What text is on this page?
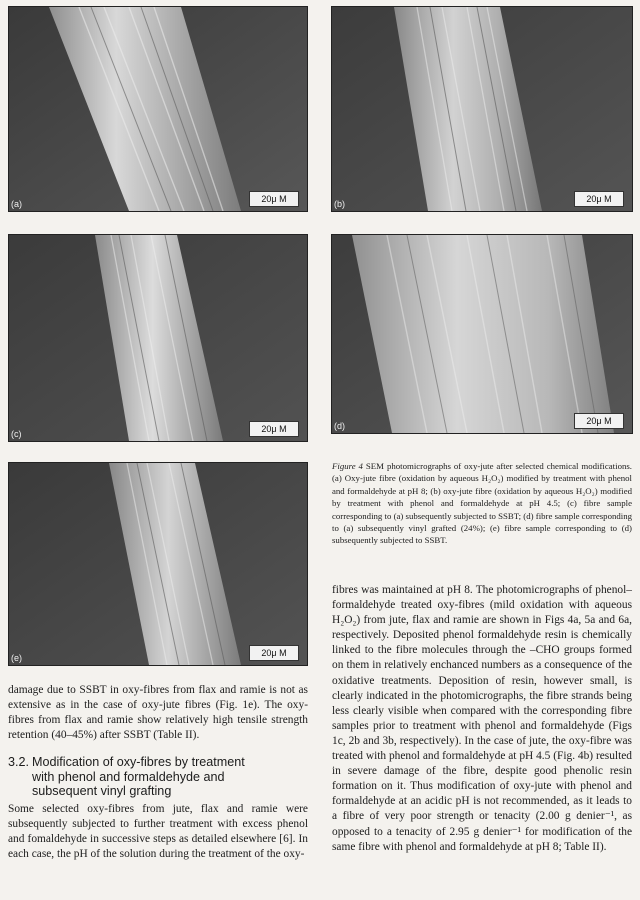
(a)	20μ M	(b)	20μ M
(c)	20μ M	(d)	20μ M
(e)	20μ M
Figure 4 SEM photomicrographs of oxy-jute after selected chemical modifications. (a) Oxy-jute fibre (oxidation by aqueous H₂O₂) modified by treatment with phenol and formaldehyde at pH 8; (b) oxy-jute fibre (oxidation by aqueous H₂O₂) modified by treatment with phenol and formaldehyde at pH 4.5; (c) fibre sample corresponding to (a) subsequently subjected to SSBT; (d) fibre sample corresponding to (a) subsequently vinyl grafted (24%); (e) fibre sample corresponding to (d) subsequently subjected to SSBT.

damage due to SSBT in oxy-fibres from flax and ramie is not as extensive as in the case of oxy-jute fibres (Fig. 1e). The oxy-fibres from flax and ramie show relatively high tensile strength retention (40–45%) after SSBT (Table II).

3.2. Modification of oxy-fibres by treatment
with phenol and formaldehyde and
subsequent vinyl grafting

Some selected oxy-fibres from jute, flax and ramie were subsequently subjected to further treatment with excess phenol and fomaldehyde in successive steps as detailed elsewhere [6]. In each case, the pH of the solution during the treatment of the oxy-

fibres was maintained at pH 8. The photomicrographs of phenol–formaldehyde treated oxy-fibres (mild oxidation with aqueous H₂O₂) from jute, flax and ramie are shown in Figs 4a, 5a and 6a, respectively. Deposited phenol formaldehyde resin is chemically linked to the fibre molecules through the –CHO groups formed on them in relatively enchanced numbers as a consequence of the oxidative treatments. Deposition of resin, however small, is clearly indicated in the photomicrographs, the fibre strands being less clearly visible when compared with the corresponding fibre samples prior to treatment with phenol and formaldehyde (Figs 1c, 2b and 3b, respectively). In the case of jute, the oxy-fibre was treated with phenol and formaldehyde at pH 4.5 (Fig. 4b) resulted in severe damage of the fibre, despite good phenolic resin formation on it. Thus modification of oxy-jute with phenol and formaldehyde at an acidic pH is not recommended, as it leads to a fibre of very poor strength or tenacity (2.00 g denier⁻¹, as opposed to a tenacity of 2.95 g denier⁻¹ for modification of the same fibre with phenol and formaldehyde at pH 8; Table II).
